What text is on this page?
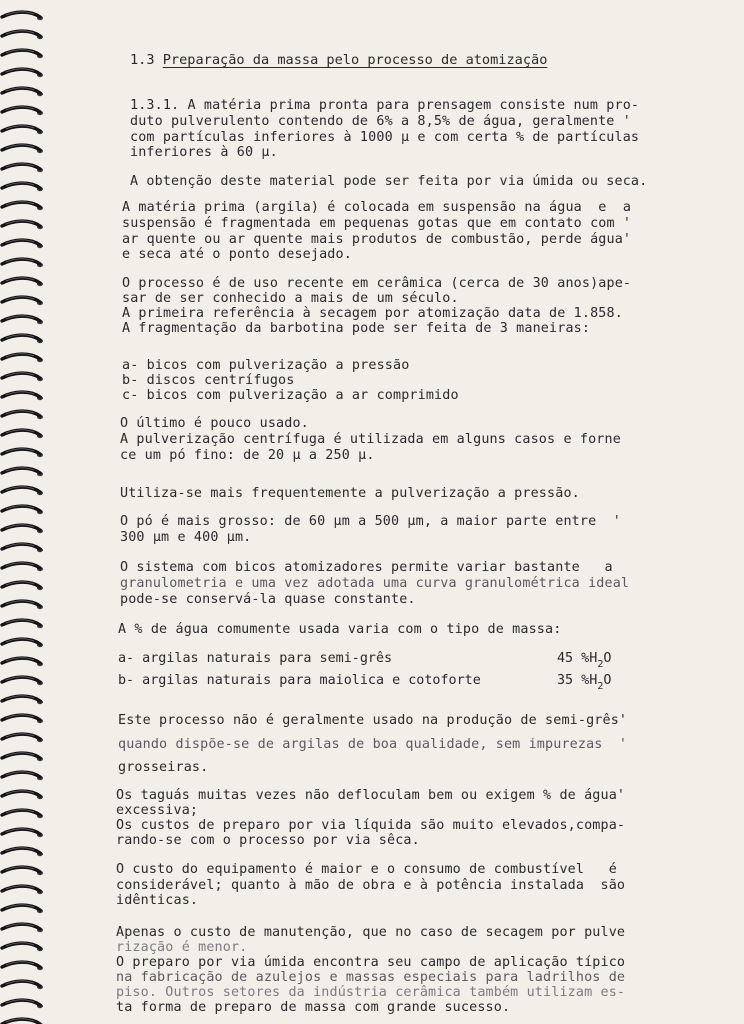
1.3 Preparação da massa pelo processo de atomização
1.3.1. A matéria prima pronta para prensagem consiste num pro-
duto pulverulento contendo de 6% a 8,5% de água, geralmente '
com partículas inferiores à 1000 µ e com certa % de partículas
inferiores à 60 µ.
A obtenção deste material pode ser feita por via úmida ou seca.
A matéria prima (argila) é colocada em suspensão na água  e  a
suspensão é fragmentada em pequenas gotas que em contato com '
ar quente ou ar quente mais produtos de combustão, perde água'
e seca até o ponto desejado.
O processo é de uso recente em cerâmica (cerca de 30 anos)ape-
sar de ser conhecido a mais de um século.
A primeira referência à secagem por atomização data de 1.858.
A fragmentação da barbotina pode ser feita de 3 maneiras:
a- bicos com pulverização a pressão
b- discos centrífugos
c- bicos com pulverização a ar comprimido
O último é pouco usado.
A pulverização centrífuga é utilizada em alguns casos e forne
ce um pó fino: de 20 µ a 250 µ.
Utiliza-se mais frequentemente a pulverização a pressão.
O pó é mais grosso: de 60 µm a 500 µm, a maior parte entre  '
300 µm e 400 µm.
O sistema com bicos atomizadores permite variar bastante   a
granulometria e uma vez adotada uma curva granulométrica ideal
pode-se conservá-la quase constante.
A % de água comumente usada varia com o tipo de massa:
a- argilas naturais para semi-grês	45 $\%H_2O$
b- argilas naturais para maiolica e cotoforte	35 $\%H_2O$
Este processo não é geralmente usado na produção de semi-grês'
quando dispõe-se de argilas de boa qualidade, sem impurezas  '
grosseiras.
Os taguás muitas vezes não defloculam bem ou exigem % de água'
excessiva;
Os custos de preparo por via líquida são muito elevados,compa-
rando-se com o processo por via sêca.
O custo do equipamento é maior e o consumo de combustível   é
considerável; quanto à mão de obra e à potência instalada  são
idênticas.
Apenas o custo de manutenção, que no caso de secagem por pulve
rização é menor.
O preparo por via úmida encontra seu campo de aplicação típico
na fabricação de azulejos e massas especiais para ladrilhos de
piso. Outros setores da indústria cerâmica também utilizam es-
ta forma de preparo de massa com grande sucesso.
